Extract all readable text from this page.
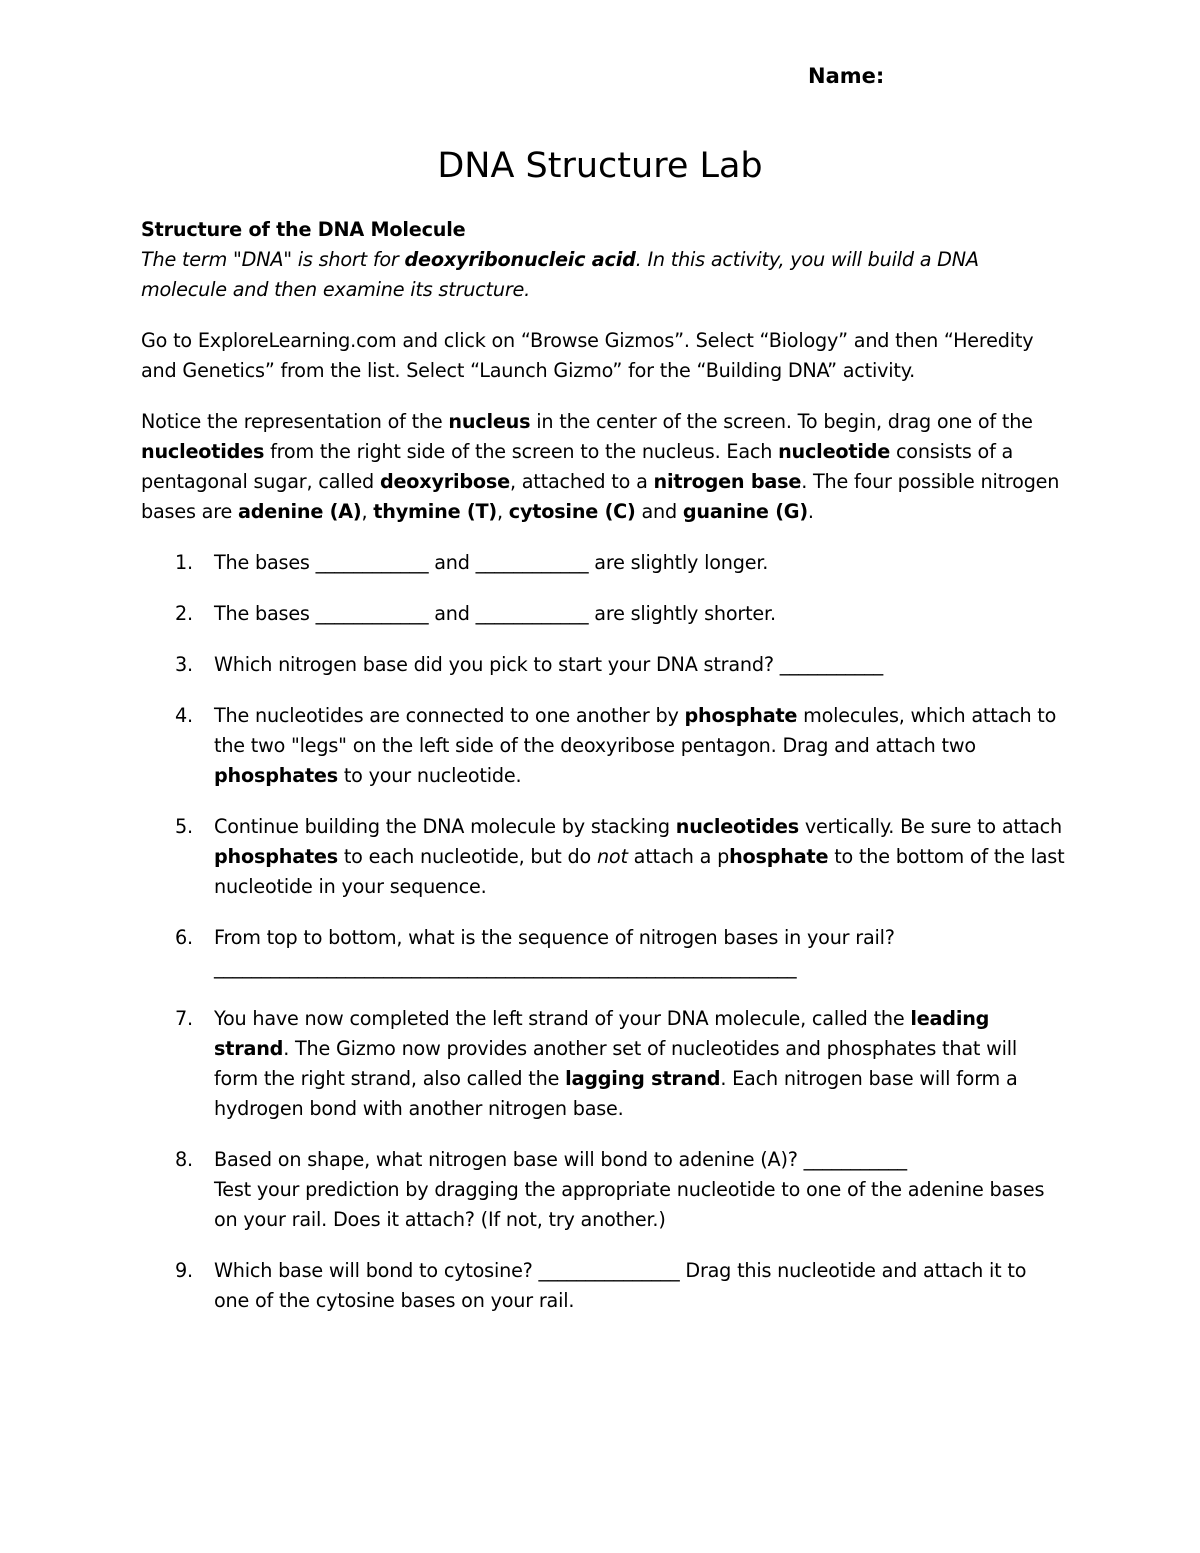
Name:
DNA Structure Lab

Structure of the DNA Molecule

The term "DNA" is short for deoxyribonucleic acid. In this activity, you will build a DNA molecule and then examine its structure.

Go to ExploreLearning.com and click on “Browse Gizmos”. Select “Biology” and then “Heredity and Genetics” from the list. Select “Launch Gizmo” for the “Building DNA” activity.

Notice the representation of the nucleus in the center of the screen. To begin, drag one of the nucleotides from the right side of the screen to the nucleus. Each nucleotide consists of a pentagonal sugar, called deoxyribose, attached to a nitrogen base. The four possible nitrogen bases are adenine (A), thymine (T), cytosine (C) and guanine (G).

1. The bases ____________ and ____________ are slightly longer.
2. The bases ____________ and ____________ are slightly shorter.
3. Which nitrogen base did you pick to start your DNA strand? ___________
4. The nucleotides are connected to one another by phosphate molecules, which attach to the two "legs" on the left side of the deoxyribose pentagon. Drag and attach two phosphates to your nucleotide.
5. Continue building the DNA molecule by stacking nucleotides vertically. Be sure to attach phosphates to each nucleotide, but do not attach a phosphate to the bottom of the last nucleotide in your sequence.
6. From top to bottom, what is the sequence of nitrogen bases in your rail?
______________________________________________________________
7. You have now completed the left strand of your DNA molecule, called the leading strand. The Gizmo now provides another set of nucleotides and phosphates that will form the right strand, also called the lagging strand. Each nitrogen base will form a hydrogen bond with another nitrogen base.
8. Based on shape, what nitrogen base will bond to adenine (A)? ___________
Test your prediction by dragging the appropriate nucleotide to one of the adenine bases on your rail. Does it attach? (If not, try another.)
9. Which base will bond to cytosine? _______________ Drag this nucleotide and attach it to one of the cytosine bases on your rail.
